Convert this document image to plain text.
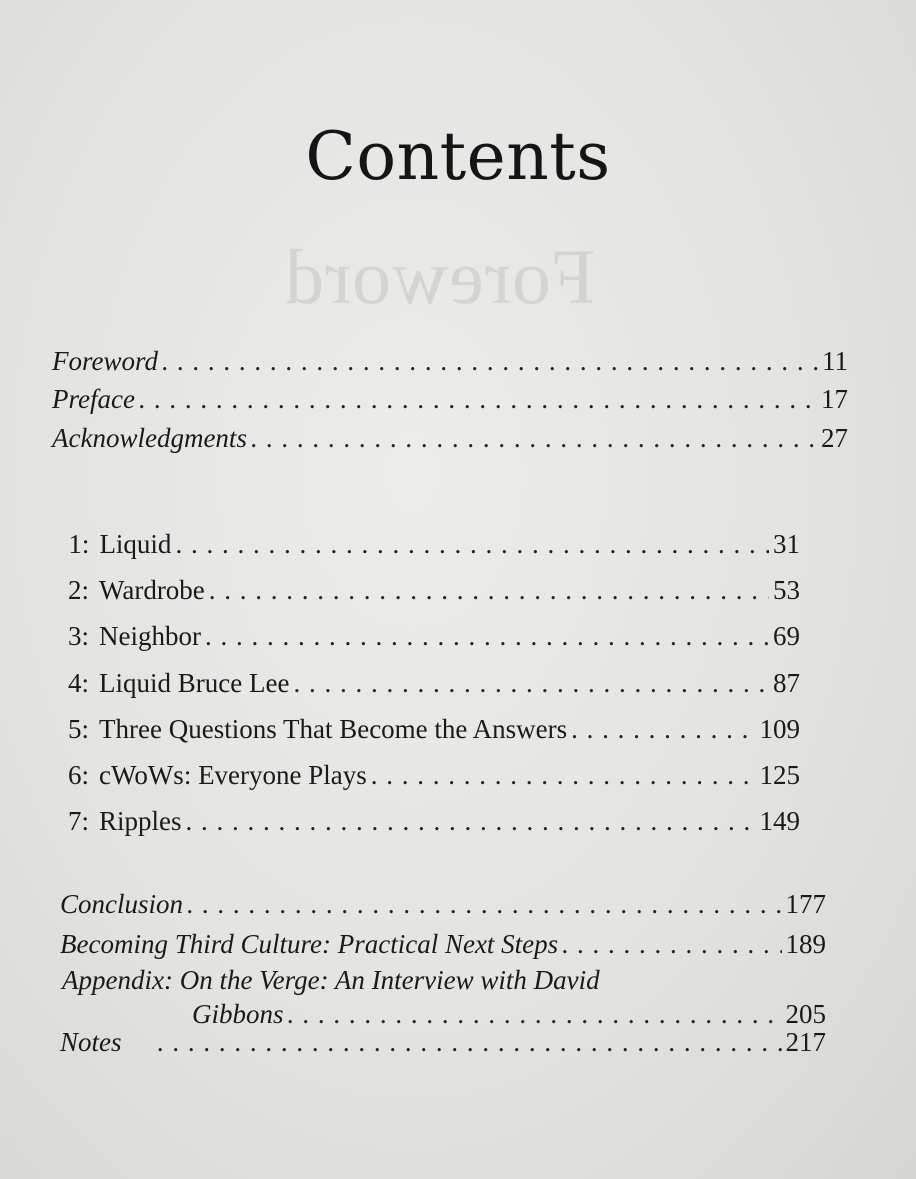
Foreword
Contents
Foreword . . .	11
Preface . . .	17
Acknowledgments . . .	27
1: Liquid . . .	31
2: Wardrobe . . .	53
3: Neighbor . . .	69
4: Liquid Bruce Lee . . .	87
5: Three Questions That Become the Answers . . .	109
6: cWoWs: Everyone Plays . . .	125
7: Ripples . . .	149
Conclusion . . .	177
Becoming Third Culture: Practical Next Steps . . .	189
Appendix: On the Verge: An Interview with David
Gibbons . . .	205
Notes . . .	217
